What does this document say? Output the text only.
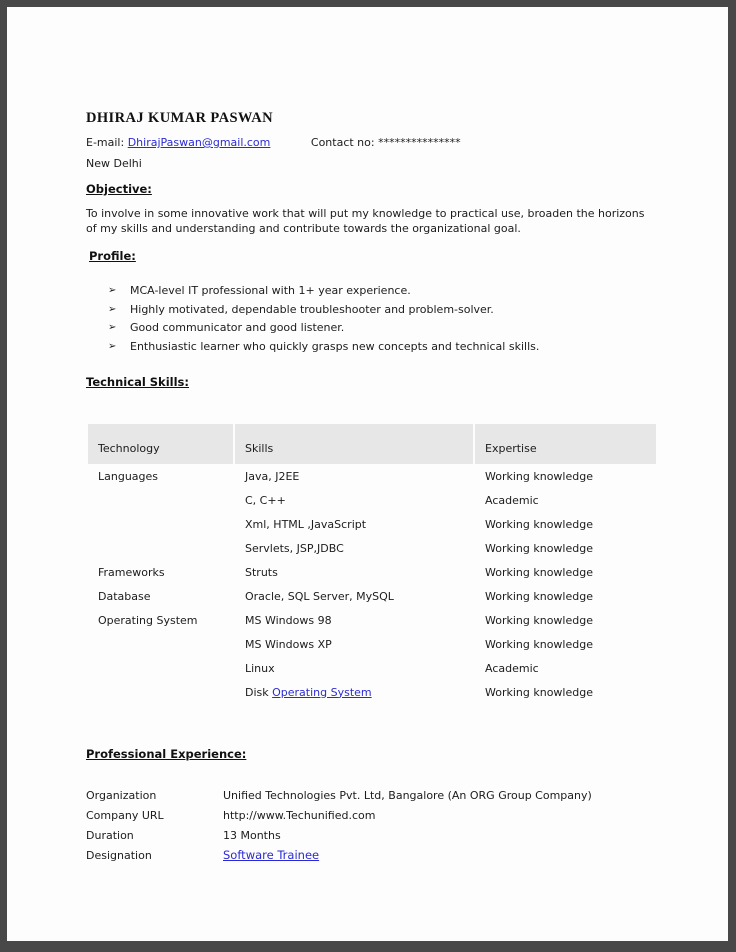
DHIRAJ KUMAR PASWAN
E-mail: DhirajPaswan@gmail.com	Contact no: ***************
New Delhi
Objective:
To involve in some innovative work that will put my knowledge to practical use, broaden the horizons of my skills and understanding and contribute towards the organizational goal.
Profile:
➢	MCA-level IT professional with 1+ year experience.
➢	Highly motivated, dependable troubleshooter and problem-solver.
➢	Good communicator and good listener.
➢	Enthusiastic learner who quickly grasps new concepts and technical skills.
Technical Skills:
Technology	Skills	Expertise
Languages	Java, J2EE	Working knowledge
	C, C++	Academic
	Xml, HTML ,JavaScript	Working knowledge
	Servlets, JSP,JDBC	Working knowledge
Frameworks	Struts	Working knowledge
Database	Oracle, SQL Server, MySQL	Working knowledge
Operating System	MS Windows 98	Working knowledge
	MS Windows XP	Working knowledge
	Linux	Academic
	Disk Operating System	Working knowledge
Professional Experience:
Organization	Unified Technologies Pvt. Ltd, Bangalore (An ORG Group Company)
Company URL	http://www.Techunified.com
Duration	13 Months
Designation	Software Trainee
